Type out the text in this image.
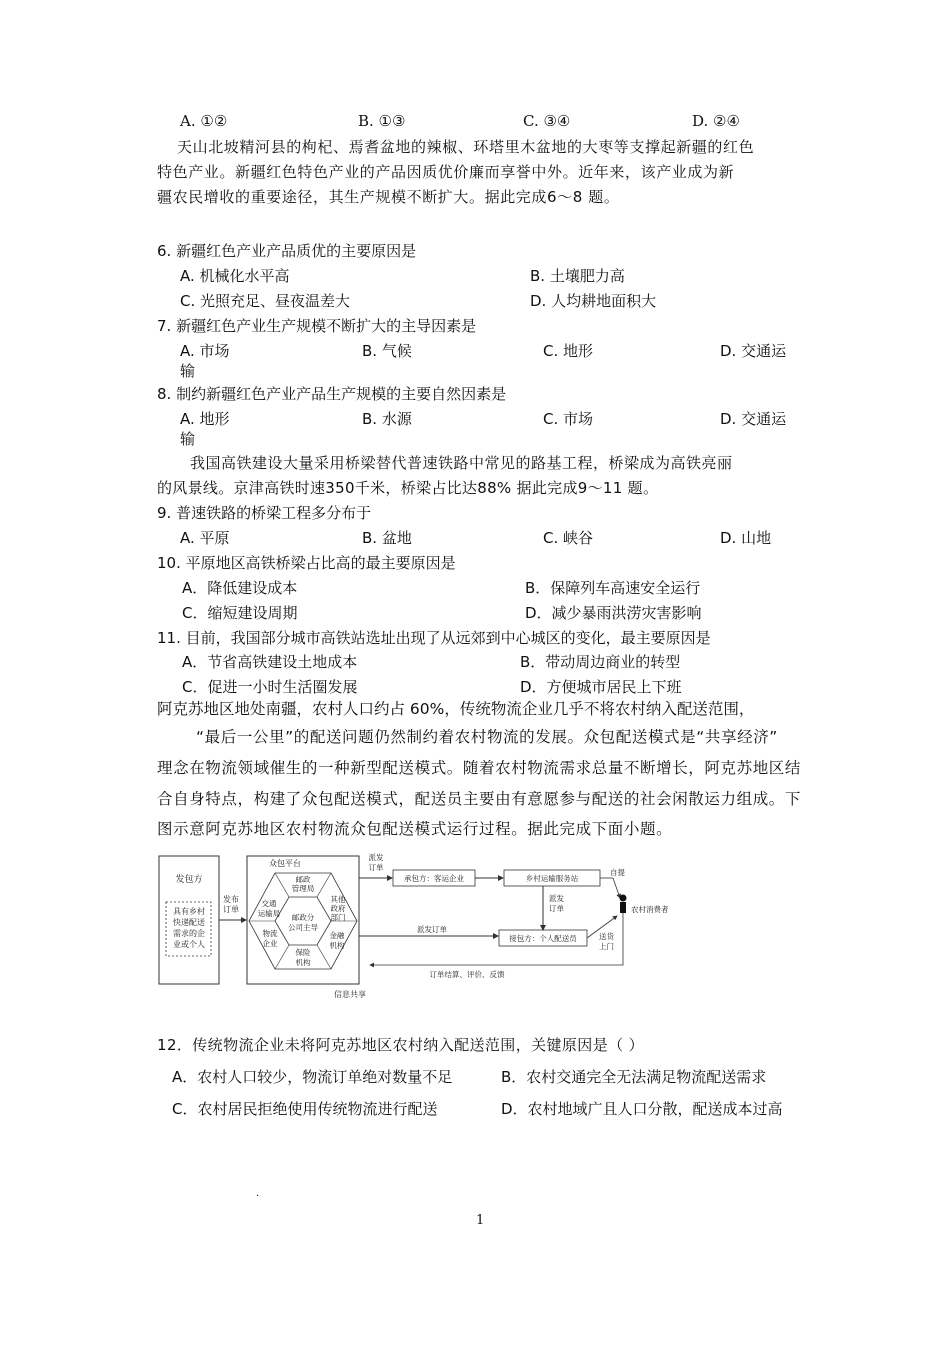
A. ①②	B. ①③	C. ③④	D. ②④
天山北坡精河县的枸杞、焉耆盆地的辣椒、环塔里木盆地的大枣等支撑起新疆的红色
特色产业。新疆红色特色产业的产品因质优价廉而享誉中外。近年来，该产业成为新
疆农民增收的重要途径，其生产规模不断扩大。据此完成6～8 题。
6. 新疆红色产业产品质优的主要原因是
A. 机械化水平高	B. 土壤肥力高
C. 光照充足、昼夜温差大	D. 人均耕地面积大
7. 新疆红色产业生产规模不断扩大的主导因素是
A. 市场	B. 气候	C. 地形	D. 交通运
输
8. 制约新疆红色产业产品生产规模的主要自然因素是
A. 地形	B. 水源	C. 市场	D. 交通运
输
我国高铁建设大量采用桥梁替代普速铁路中常见的路基工程，桥梁成为高铁亮丽
的风景线。京津高铁时速350千米，桥梁占比达88% 据此完成9～11 题。
9. 普速铁路的桥梁工程多分布于
A. 平原	B. 盆地	C. 峡谷	D. 山地
10. 平原地区高铁桥梁占比高的最主要原因是
A．降低建设成本	B．保障列车高速安全运行
C．缩短建设周期	D．减少暴雨洪涝灾害影响
11. 目前，我国部分城市高铁站选址出现了从远郊到中心城区的变化，最主要原因是
A．节省高铁建设土地成本	B．带动周边商业的转型
C．促进一小时生活圈发展	D．方便城市居民上下班
阿克苏地区地处南疆，农村人口约占 60%，传统物流企业几乎不将农村纳入配送范围，
“最后一公里”的配送问题仍然制约着农村物流的发展。众包配送模式是“共享经济”
理念在物流领域催生的一种新型配送模式。随着农村物流需求总量不断增长，阿克苏地区结
合自身特点，构建了众包配送模式，配送员主要由有意愿参与配送的社会闲散运力组成。下
图示意阿克苏地区农村物流众包配送模式运行过程。据此完成下面小题。
发包方
具有乡村
快递配送
需求的企
业或个人
发布
订单
众包平台
邮政
管理局
交通
运输局
其他
政府
部门
邮政分
公司主导
物流
企业
金融
机构
保险
机构
信息共享
派发
订单
承包方：客运企业	乡村运输服务站
自提
派发
订单	农村消费者
派发订单
接包方：个人配送员	送货
上门
订单结算、评价、反馈
12．传统物流企业未将阿克苏地区农村纳入配送范围，关键原因是（ ）
A．农村人口较少，物流订单绝对数量不足	B．农村交通完全无法满足物流配送需求
C．农村居民拒绝使用传统物流进行配送	D．农村地域广且人口分散，配送成本过高
.
1
